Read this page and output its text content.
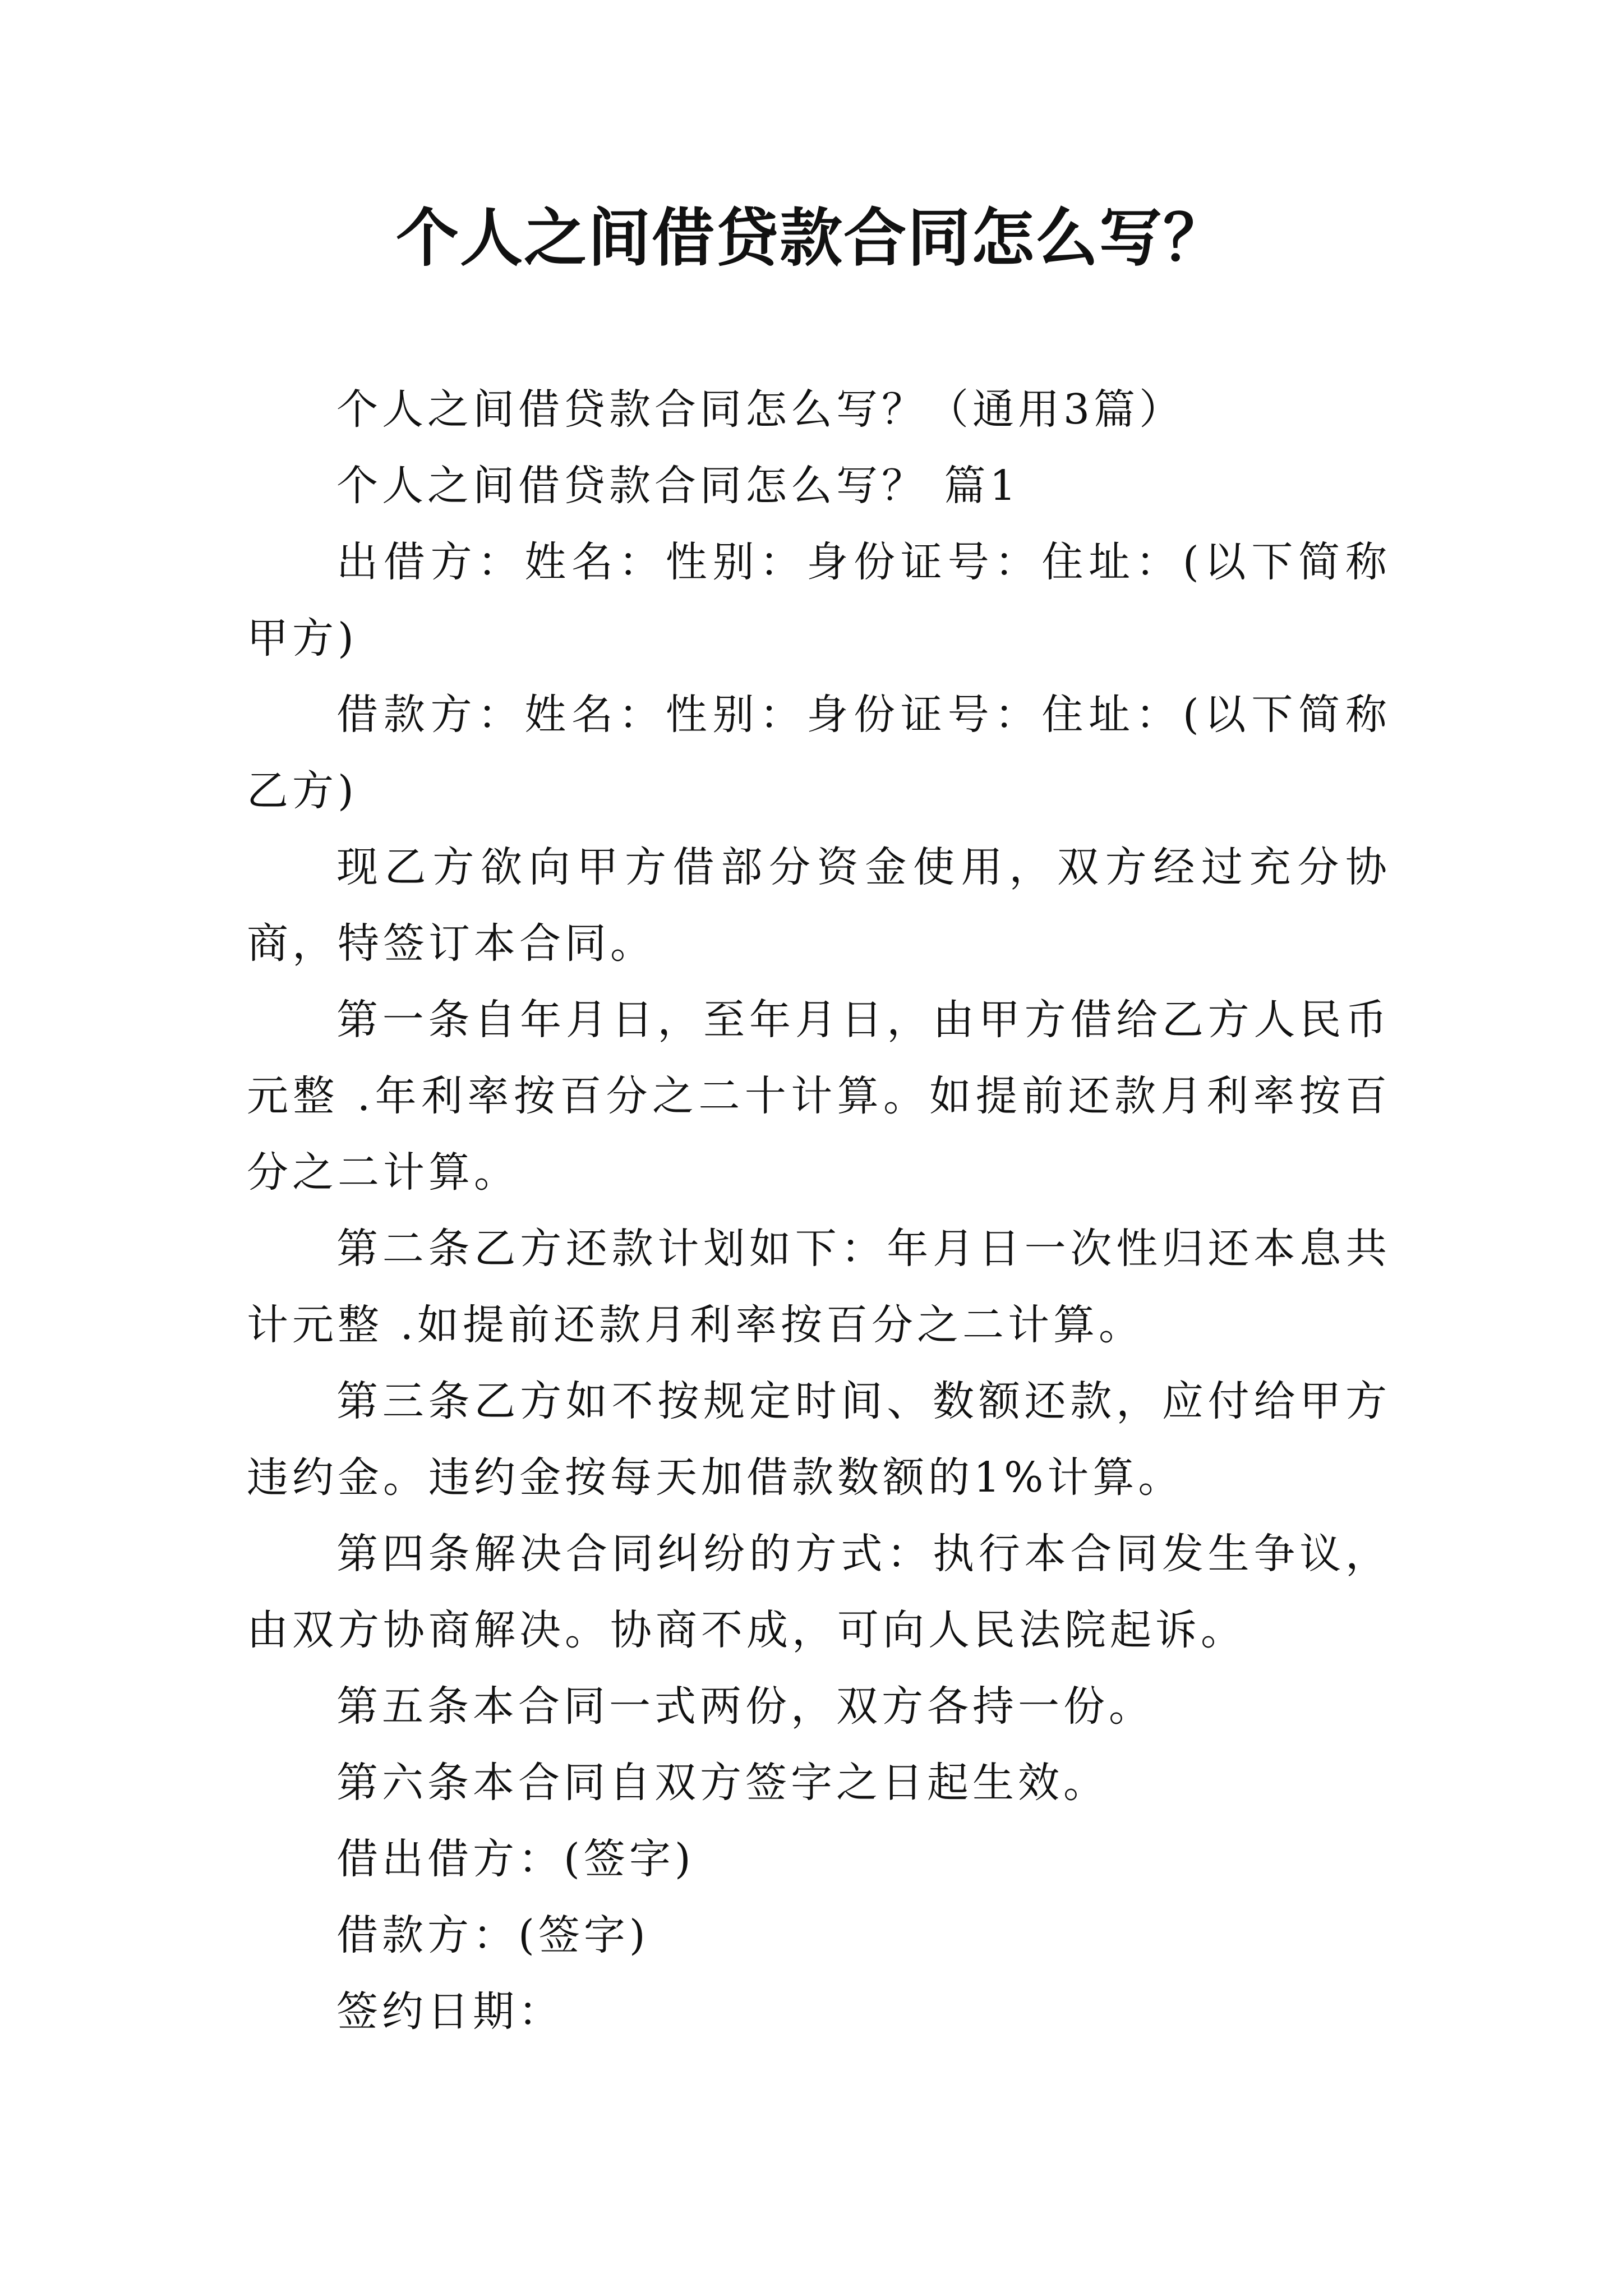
个人之间借贷款合同怎么写？

个人之间借贷款合同怎么写？（通用3篇）

个人之间借贷款合同怎么写？ 篇1

出借方：姓名：性别：身份证号：住址：(以下简称甲方)

借款方：姓名：性别：身份证号：住址：(以下简称乙方)

现乙方欲向甲方借部分资金使用，双方经过充分协商，特签订本合同。

第一条自年月日，至年月日，由甲方借给乙方人民币元整 .年利率按百分之二十计算。如提前还款月利率按百分之二计算。

第二条乙方还款计划如下：年月日一次性归还本息共计元整 .如提前还款月利率按百分之二计算。

第三条乙方如不按规定时间、数额还款，应付给甲方违约金。违约金按每天加借款数额的1%计算。

第四条解决合同纠纷的方式：执行本合同发生争议，由双方协商解决。协商不成，可向人民法院起诉。

第五条本合同一式两份，双方各持一份。

第六条本合同自双方签字之日起生效。

借出借方：(签字)

借款方：(签字)

签约日期：
